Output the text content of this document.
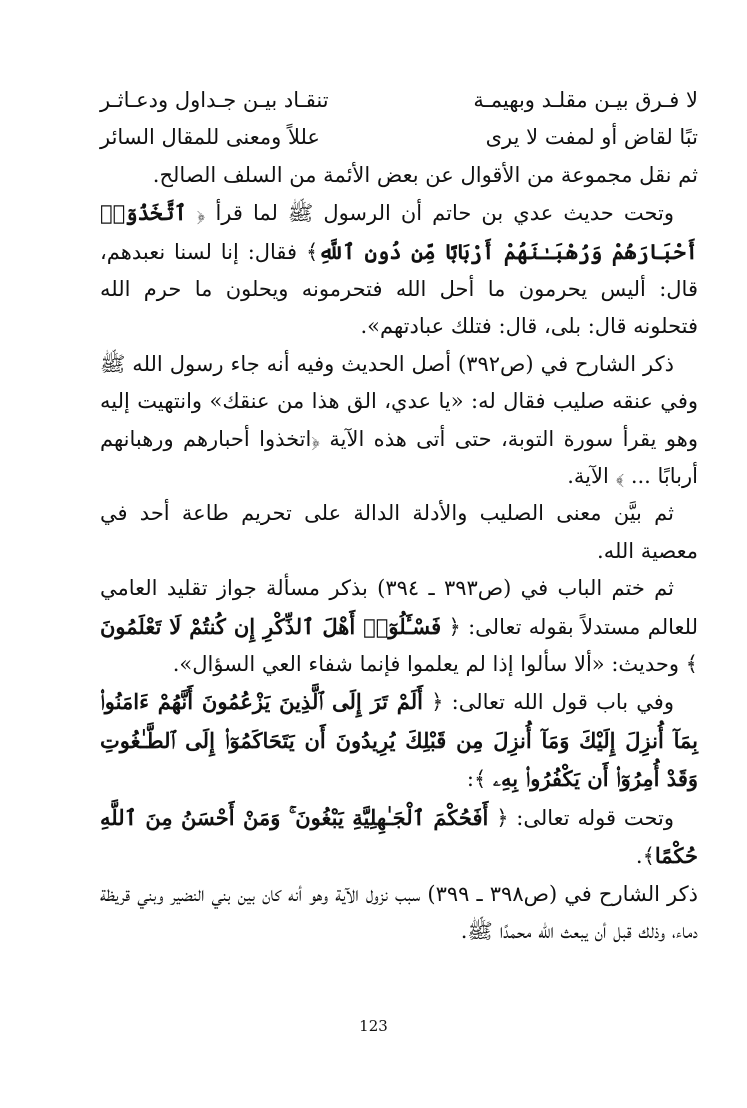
لا فـرق بيـن مقلـد وبهيمـة
تنقـاد بيـن جـداول ودعـاثـر
تبًا لقاض أو لمفت لا يرى
عللاً ومعنى للمقال السائر

ثم نقل مجموعة من الأقوال عن بعض الأئمة من السلف الصالح.

وتحت حديث عدي بن حاتم أن الرسول ﷺ لما قرأ ﴿ ٱتَّخَذُوٓا۟ أَحْبَارَهُمْ وَرُهْبَـٰنَهُمْ أَرْبَابًا مِّن دُونِ ٱللَّهِ﴾ فقال: إنا لسنا نعبدهم، قال: أليس يحرمون ما أحل الله فتحرمونه ويحلون ما حرم الله فتحلونه قال: بلى، قال: فتلك عبادتهم».

ذكر الشارح في (ص٣٩٢) أصل الحديث وفيه أنه جاء رسول الله ﷺ وفي عنقه صليب فقال له: «يا عدي، الق هذا من عنقك» وانتهيت إليه وهو يقرأ سورة التوبة، حتى أتى هذه الآية ﴿اتخذوا أحبارهم ورهبانهم أربابًا ... ﴾ الآية.

ثم بيَّن معنى الصليب والأدلة الدالة على تحريم طاعة أحد في معصية الله.

ثم ختم الباب في (ص٣٩٣ ـ ٣٩٤) بذكر مسألة جواز تقليد العامي للعالم مستدلاً بقوله تعالى: ﴿ فَسْـَٔلُوٓا۟ أَهْلَ ٱلذِّكْرِ إِن كُنتُمْ لَا تَعْلَمُونَ ﴾ وحديث: «ألا سألوا إذا لم يعلموا فإنما شفاء العي السؤال».

وفي باب قول الله تعالى: ﴿ أَلَمْ تَرَ إِلَى ٱلَّذِينَ يَزْعُمُونَ أَنَّهُمْ ءَامَنُوا۟ بِمَآ أُنزِلَ إِلَيْكَ وَمَآ أُنزِلَ مِن قَبْلِكَ يُرِيدُونَ أَن يَتَحَاكَمُوٓا۟ إِلَى ٱلطَّـٰغُوتِ وَقَدْ أُمِرُوٓا۟ أَن يَكْفُرُوا۟ بِهِۦ ﴾:

وتحت قوله تعالى: ﴿ أَفَحُكْمَ ٱلْجَـٰهِلِيَّةِ يَبْغُونَ ۚ وَمَنْ أَحْسَنُ مِنَ ٱللَّهِ حُكْمًا﴾.

ذكر الشارح في (ص٣٩٨ ـ ٣٩٩) سبب نزول الآية وهو أنه كان بين بني النضير وبني قريظة دماء، وذلك قبل أن يبعث الله محمدًا ﷺ.

123
